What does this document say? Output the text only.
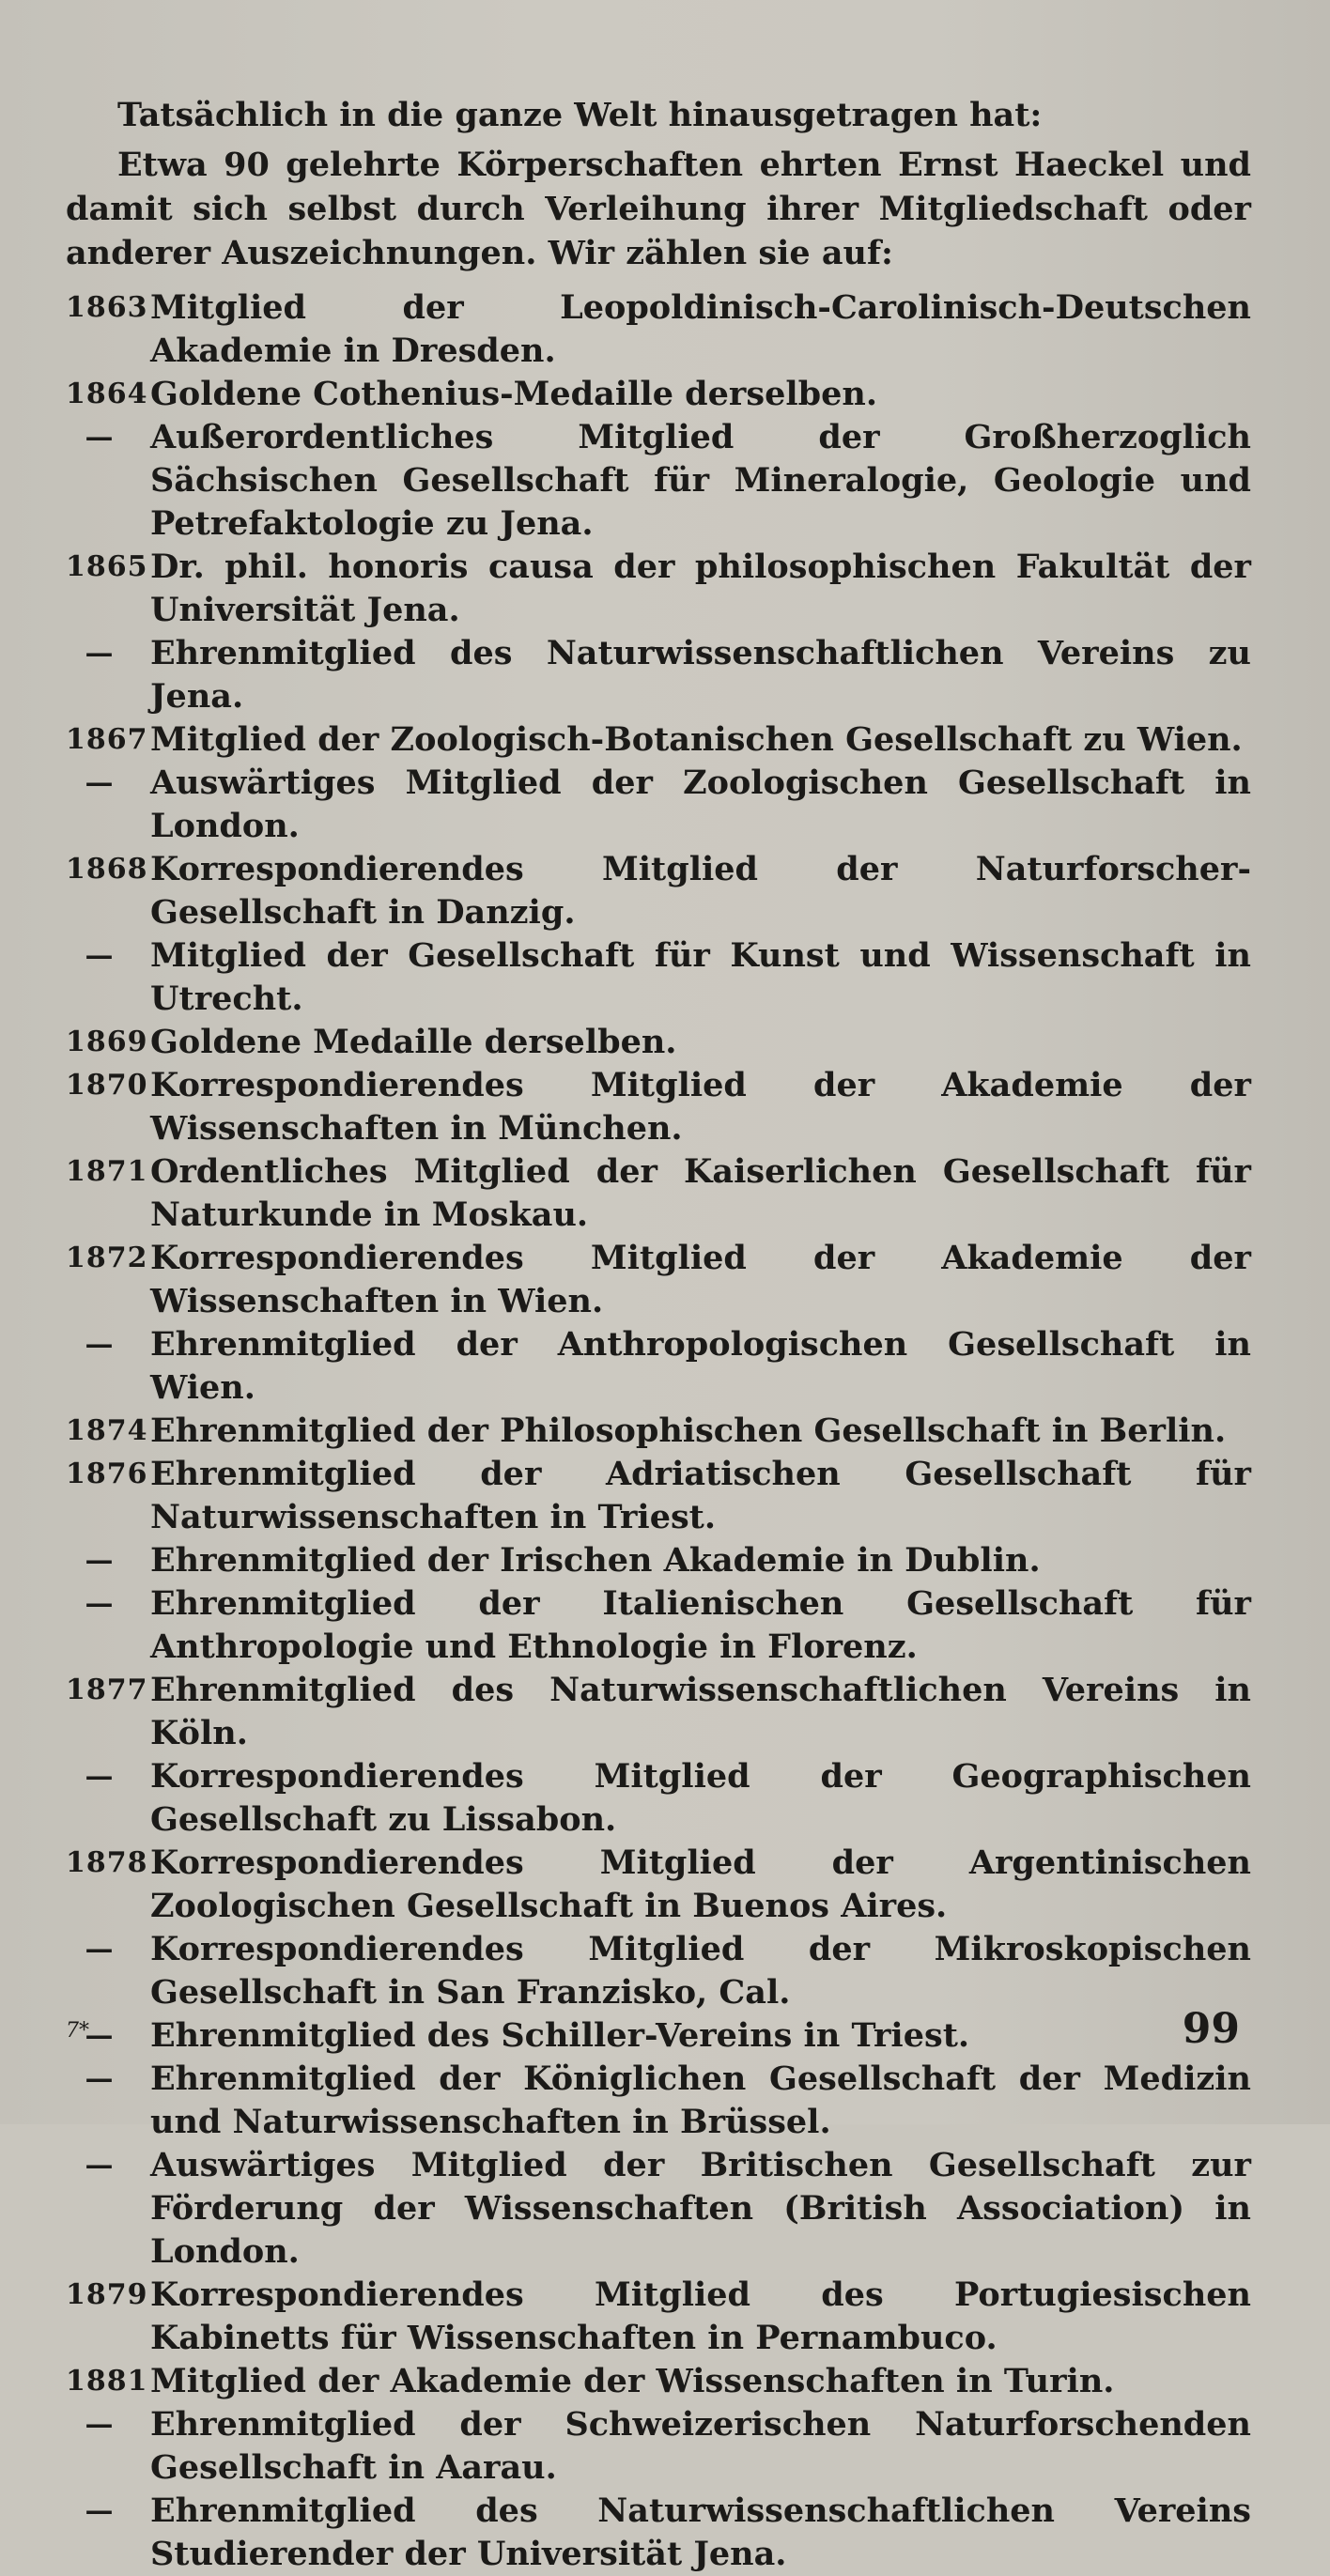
Tatsächlich in die ganze Welt hinausgetragen hat:
Etwa 90 gelehrte Körperschaften ehrten Ernst Haeckel und damit sich selbst durch Verleihung ihrer Mitgliedschaft oder anderer Auszeichnungen. Wir zählen sie auf:
1863 Mitglied der Leopoldinisch-Carolinisch-Deutschen Akademie in Dresden.
1864 Goldene Cothenius-Medaille derselben.
—	Außerordentliches Mitglied der Großherzoglich Sächsischen Gesellschaft für Mineralogie, Geologie und Petrefaktologie zu Jena.
1865 Dr. phil. honoris causa der philosophischen Fakultät der Universität Jena.
—	Ehrenmitglied des Naturwissenschaftlichen Vereins zu Jena.
1867 Mitglied der Zoologisch-Botanischen Gesellschaft zu Wien.
—	Auswärtiges Mitglied der Zoologischen Gesellschaft in London.
1868 Korrespondierendes Mitglied der Naturforscher-Gesellschaft in Danzig.
—	Mitglied der Gesellschaft für Kunst und Wissenschaft in Utrecht.
1869 Goldene Medaille derselben.
1870 Korrespondierendes Mitglied der Akademie der Wissenschaften in München.
1871 Ordentliches Mitglied der Kaiserlichen Gesellschaft für Naturkunde in Moskau.
1872 Korrespondierendes Mitglied der Akademie der Wissenschaften in Wien.
—	Ehrenmitglied der Anthropologischen Gesellschaft in Wien.
1874 Ehrenmitglied der Philosophischen Gesellschaft in Berlin.
1876 Ehrenmitglied der Adriatischen Gesellschaft für Naturwissenschaften in Triest.
—	Ehrenmitglied der Irischen Akademie in Dublin.
—	Ehrenmitglied der Italienischen Gesellschaft für Anthropologie und Ethnologie in Florenz.
1877 Ehrenmitglied des Naturwissenschaftlichen Vereins in Köln.
—	Korrespondierendes Mitglied der Geographischen Gesellschaft zu Lissabon.
1878 Korrespondierendes Mitglied der Argentinischen Zoologischen Gesellschaft in Buenos Aires.
—	Korrespondierendes Mitglied der Mikroskopischen Gesellschaft in San Franzisko, Cal.
—	Ehrenmitglied des Schiller-Vereins in Triest.
—	Ehrenmitglied der Königlichen Gesellschaft der Medizin und Naturwissenschaften in Brüssel.
—	Auswärtiges Mitglied der Britischen Gesellschaft zur Förderung der Wissenschaften (British Association) in London.
1879 Korrespondierendes Mitglied des Portugiesischen Kabinetts für Wissenschaften in Pernambuco.
1881 Mitglied der Akademie der Wissenschaften in Turin.
—	Ehrenmitglied der Schweizerischen Naturforschenden Gesellschaft in Aarau.
—	Ehrenmitglied des Naturwissenschaftlichen Vereins Studierender der Universität Jena.
7*	99
